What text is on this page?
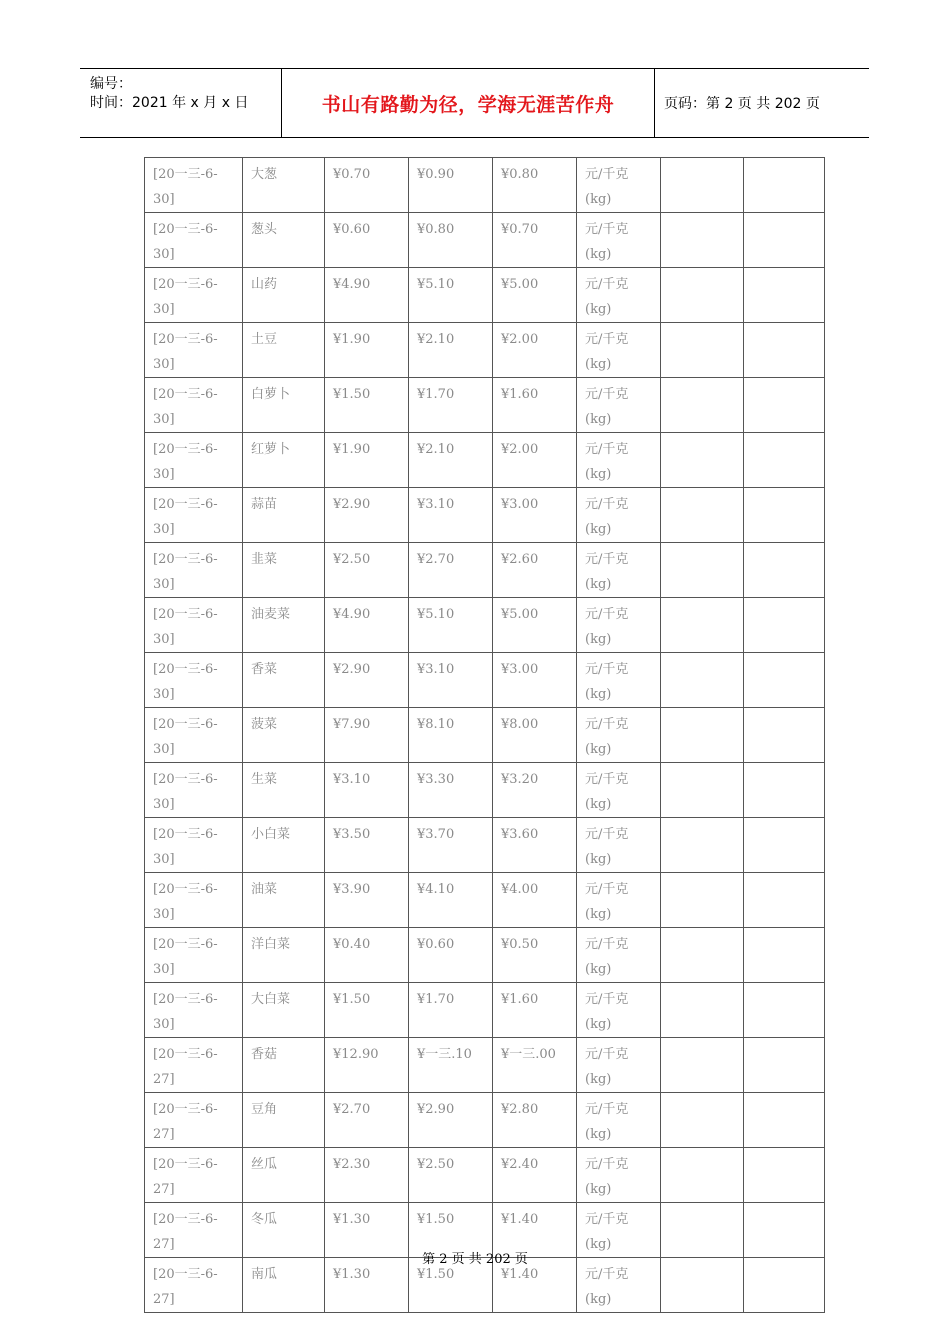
编号：
时间：2021 年 x 月 x 日	书山有路勤为径，学海无涯苦作舟	页码：第 2 页 共 202 页
[20一三-6-
30]	大葱	¥0.70	¥0.90	¥0.80	元/千克
(kg)		

[20一三-6-
30]	葱头	¥0.60	¥0.80	¥0.70	元/千克
(kg)		

[20一三-6-
30]	山药	¥4.90	¥5.10	¥5.00	元/千克
(kg)		

[20一三-6-
30]	土豆	¥1.90	¥2.10	¥2.00	元/千克
(kg)		

[20一三-6-
30]	白萝卜	¥1.50	¥1.70	¥1.60	元/千克
(kg)		

[20一三-6-
30]	红萝卜	¥1.90	¥2.10	¥2.00	元/千克
(kg)		

[20一三-6-
30]	蒜苗	¥2.90	¥3.10	¥3.00	元/千克
(kg)		

[20一三-6-
30]	韭菜	¥2.50	¥2.70	¥2.60	元/千克
(kg)		

[20一三-6-
30]	油麦菜	¥4.90	¥5.10	¥5.00	元/千克
(kg)		

[20一三-6-
30]	香菜	¥2.90	¥3.10	¥3.00	元/千克
(kg)		

[20一三-6-
30]	菠菜	¥7.90	¥8.10	¥8.00	元/千克
(kg)		

[20一三-6-
30]	生菜	¥3.10	¥3.30	¥3.20	元/千克
(kg)		

[20一三-6-
30]	小白菜	¥3.50	¥3.70	¥3.60	元/千克
(kg)		

[20一三-6-
30]	油菜	¥3.90	¥4.10	¥4.00	元/千克
(kg)		

[20一三-6-
30]	洋白菜	¥0.40	¥0.60	¥0.50	元/千克
(kg)		

[20一三-6-
30]	大白菜	¥1.50	¥1.70	¥1.60	元/千克
(kg)		

[20一三-6-
27]	香菇	¥12.90	¥一三.10	¥一三.00	元/千克
(kg)		

[20一三-6-
27]	豆角	¥2.70	¥2.90	¥2.80	元/千克
(kg)		

[20一三-6-
27]	丝瓜	¥2.30	¥2.50	¥2.40	元/千克
(kg)		

[20一三-6-
27]	冬瓜	¥1.30	¥1.50	¥1.40	元/千克
(kg)		

[20一三-6-
27]	南瓜	¥1.30	¥1.50	¥1.40	元/千克
(kg)		

第 2 页 共 202 页
